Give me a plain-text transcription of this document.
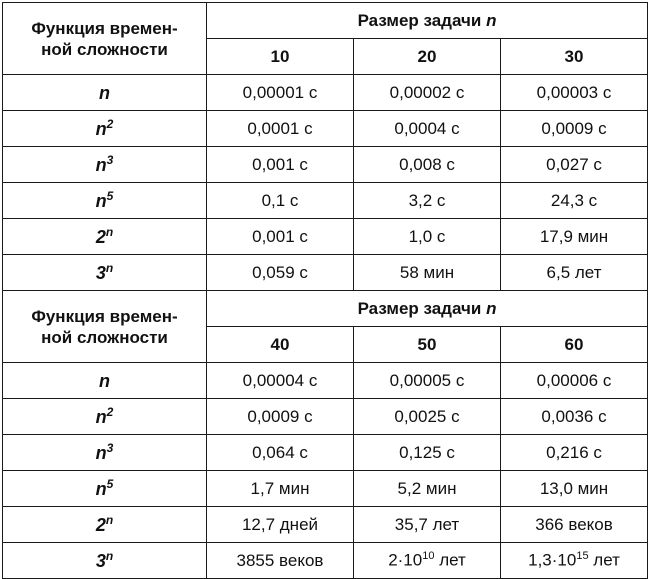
Функция времен-
ной сложности	Размер задачи n		
	10	20	30
n	0,00001 с	0,00002 с	0,00003 с
$n^2$	0,0001 с	0,0004 с	0,0009 с
$n^3$	0,001 с	0,008 с	0,027 с
$n^5$	0,1 с	3,2 с	24,3 с
2$^n$	0,001 с	1,0 с	17,9 мин
3$^n$	0,059 с	58 мин	6,5 лет
Функция времен-
ной сложности	Размер задачи n		
	40	50	60
n	0,00004 с	0,00005 с	0,00006 с
$n^2$	0,0009 с	0,0025 с	0,0036 с
$n^3$	0,064 с	0,125 с	0,216 с
$n^5$	1,7 мин	5,2 мин	13,0 мин
2$^n$	12,7 дней	35,7 лет	366 веков
3$^n$	3855 веков	$2\cdot 10^{10}$ лет	$1,3\cdot 10^{15}$ лет
